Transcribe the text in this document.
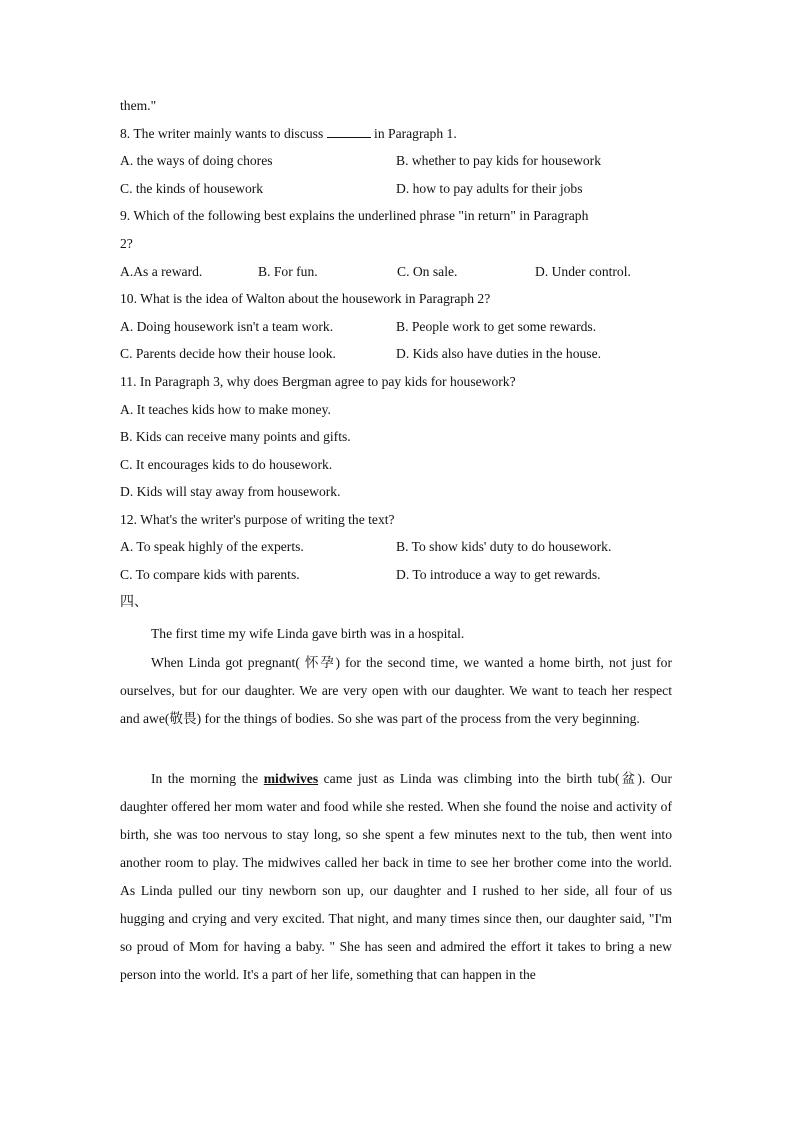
them."
8. The writer mainly wants to discuss	in Paragraph 1.
A. the ways of doing chores	B. whether to pay kids for housework
C. the kinds of housework	D. how to pay adults for their jobs
9. Which of the following best explains the underlined phrase "in return" in Paragraph
2?
A.As a reward.	B. For fun.	C. On sale.	D. Under control.
10. What is the idea of Walton about the housework in Paragraph 2?
A. Doing housework isn't a team work.	B. People work to get some rewards.
C. Parents decide how their house look.	D. Kids also have duties in the house.
11. In Paragraph 3, why does Bergman agree to pay kids for housework?
A. It teaches kids how to make money.
B. Kids can receive many points and gifts.
C. It encourages kids to do housework.
D. Kids will stay away from housework.
12. What's the writer's purpose of writing the text?
A. To speak highly of the experts.	B. To show kids' duty to do housework.
C. To compare kids with parents.	D. To introduce a way to get rewards.
四、
The first time my wife Linda gave birth was in a hospital.
When Linda got pregnant( 怀孕) for the second time, we wanted a home birth, not just for ourselves, but for our daughter. We are very open with our daughter. We want to teach her respect and awe(敬畏) for the things of bodies. So she was part of the process from the very beginning.
In the morning the midwives came just as Linda was climbing into the birth tub(盆). Our daughter offered her mom water and food while she rested. When she found the noise and activity of birth, she was too nervous to stay long, so she spent a few minutes next to the tub, then went into another room to play. The midwives called her back in time to see her brother come into the world. As Linda pulled our tiny newborn son up, our daughter and I rushed to her side, all four of us hugging and crying and very excited. That night, and many times since then, our daughter said, "I'm so proud of Mom for having a baby. " She has seen and admired the effort it takes to bring a new person into the world. It's a part of her life, something that can happen in the
